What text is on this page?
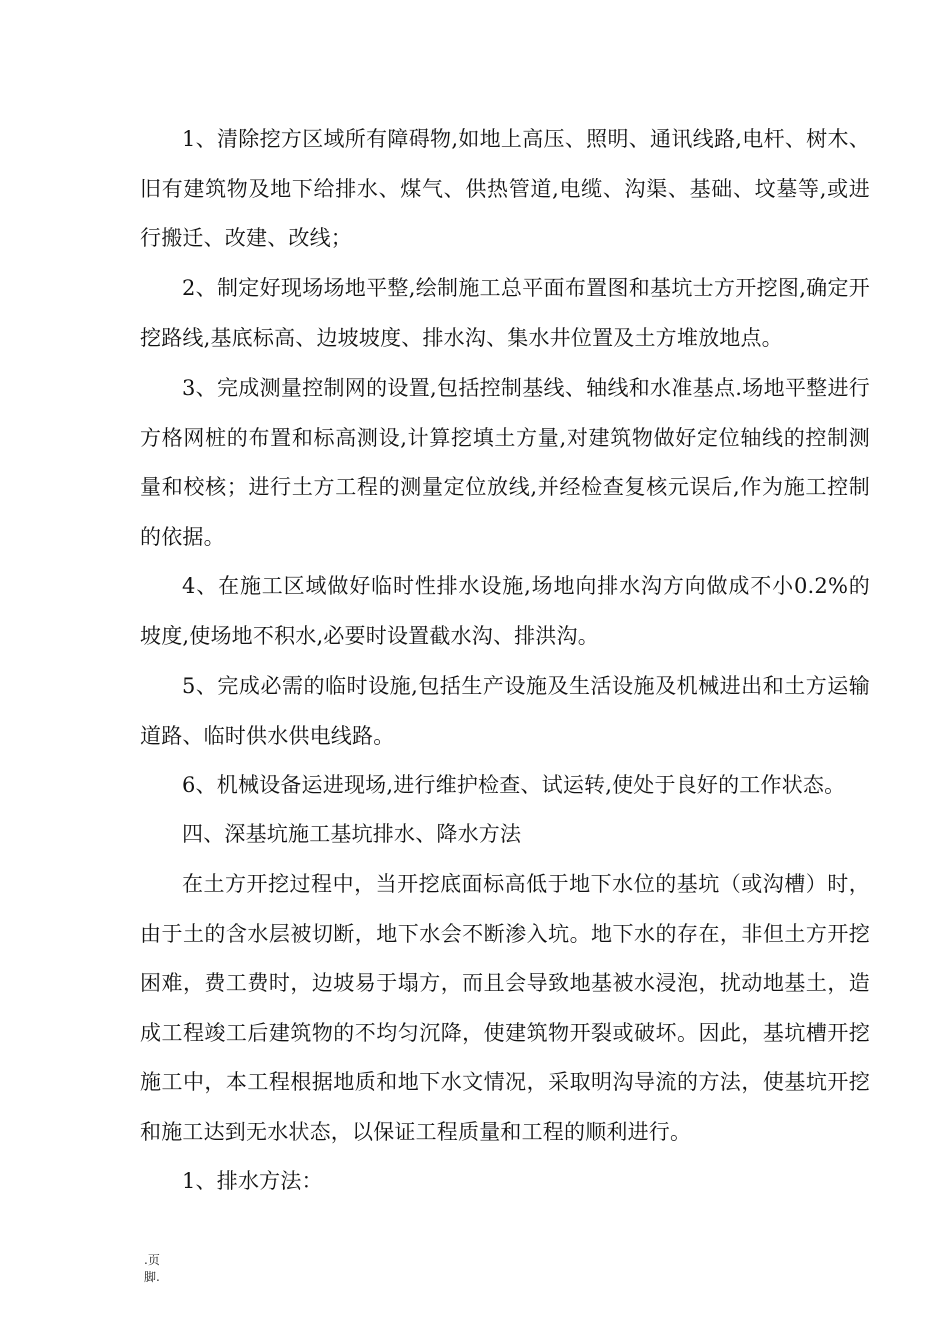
1、清除挖方区域所有障碍物,如地上高压、照明、通讯线路,电杆、树木、旧有建筑物及地下给排水、煤气、供热管道,电缆、沟渠、基础、坟墓等,或进行搬迁、改建、改线；

2、制定好现场场地平整,绘制施工总平面布置图和基坑士方开挖图,确定开挖路线,基底标高、边坡坡度、排水沟、集水井位置及土方堆放地点。

3、完成测量控制网的设置,包括控制基线、轴线和水准基点.场地平整进行方格网桩的布置和标高测设,计算挖填土方量,对建筑物做好定位轴线的控制测量和校核；进行土方工程的测量定位放线,并经检查复核元误后,作为施工控制的依据。

4、在施工区域做好临时性排水设施,场地向排水沟方向做成不小0.2%的坡度,使场地不积水,必要时设置截水沟、排洪沟。

5、完成必需的临时设施,包括生产设施及生活设施及机械进出和土方运输道路、临时供水供电线路。

6、机械设备运进现场,进行维护检查、试运转,使处于良好的工作状态。

四、深基坑施工基坑排水、降水方法

在土方开挖过程中，当开挖底面标高低于地下水位的基坑（或沟槽）时，由于土的含水层被切断，地下水会不断渗入坑。地下水的存在，非但土方开挖困难，费工费时，边坡易于塌方，而且会导致地基被水浸泡，扰动地基土，造成工程竣工后建筑物的不均匀沉降，使建筑物开裂或破坏。因此，基坑槽开挖施工中，本工程根据地质和地下水文情况，采取明沟导流的方法，使基坑开挖和施工达到无水状态，以保证工程质量和工程的顺利进行。

1、排水方法：

.页
脚.
